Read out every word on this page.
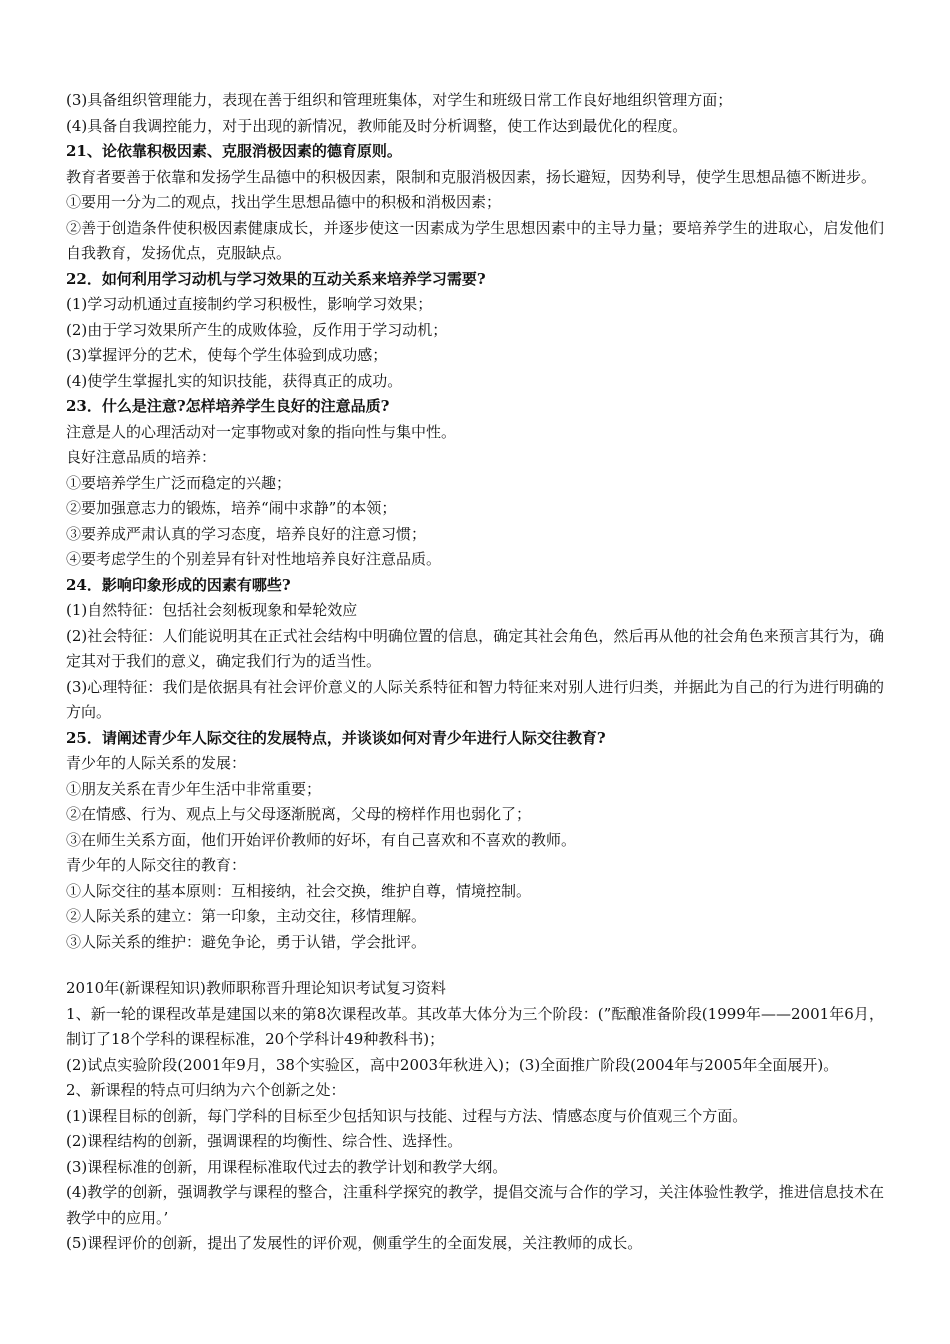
(3)具备组织管理能力，表现在善于组织和管理班集体，对学生和班级日常工作良好地组织管理方面；
(4)具备自我调控能力，对于出现的新情况，教师能及时分析调整，使工作达到最优化的程度。
21、论依靠积极因素、克服消极因素的德育原则。
教育者要善于依靠和发扬学生品德中的积极因素，限制和克服消极因素，扬长避短，因势利导，使学生思想品德不断进步。
①要用一分为二的观点，找出学生思想品德中的积极和消极因素；
②善于创造条件使积极因素健康成长，并逐步使这一因素成为学生思想因素中的主导力量；要培养学生的进取心，启发他们自我教育，发扬优点，克服缺点。
22．如何利用学习动机与学习效果的互动关系来培养学习需要?
(1)学习动机通过直接制约学习积极性，影响学习效果；
(2)由于学习效果所产生的成败体验，反作用于学习动机；
(3)掌握评分的艺术，使每个学生体验到成功感；
(4)使学生掌握扎实的知识技能，获得真正的成功。
23．什么是注意?怎样培养学生良好的注意品质?
注意是人的心理活动对一定事物或对象的指向性与集中性。
良好注意品质的培养：
①要培养学生广泛而稳定的兴趣；
②要加强意志力的锻炼，培养“闹中求静”的本领；
③要养成严肃认真的学习态度，培养良好的注意习惯；
④要考虑学生的个别差异有针对性地培养良好注意品质。
24．影响印象形成的因素有哪些?
(1)自然特征：包括社会刻板现象和晕轮效应
(2)社会特征：人们能说明其在正式社会结构中明确位置的信息，确定其社会角色，然后再从他的社会角色来预言其行为，确定其对于我们的意义，确定我们行为的适当性。
(3)心理特征：我们是依据具有社会评价意义的人际关系特征和智力特征来对别人进行归类，并据此为自己的行为进行明确的方向。
25．请阐述青少年人际交往的发展特点，并谈谈如何对青少年进行人际交往教育?
青少年的人际关系的发展：
①朋友关系在青少年生活中非常重要；
②在情感、行为、观点上与父母逐渐脱离，父母的榜样作用也弱化了；
③在师生关系方面，他们开始评价教师的好坏，有自己喜欢和不喜欢的教师。
青少年的人际交往的教育：
①人际交往的基本原则：互相接纳，社会交换，维护自尊，情境控制。
②人际关系的建立：第一印象，主动交往，移情理解。
③人际关系的维护：避免争论，勇于认错，学会批评。
2010年(新课程知识)教师职称晋升理论知识考试复习资料
1、新一轮的课程改革是建国以来的第8次课程改革。其改革大体分为三个阶段：(”酝酿准备阶段(1999年——2001年6月，制订了18个学科的课程标准，20个学科计49种教科书)；
(2)试点实验阶段(2001年9月，38个实验区，高中2003年秋进入)；(3)全面推广阶段(2004年与2005年全面展开)。
2、新课程的特点可归纳为六个创新之处：
(1)课程目标的创新，每门学科的目标至少包括知识与技能、过程与方法、情感态度与价值观三个方面。
(2)课程结构的创新，强调课程的均衡性、综合性、选择性。
(3)课程标准的创新，用课程标准取代过去的教学计划和教学大纲。
(4)教学的创新，强调教学与课程的整合，注重科学探究的教学，提倡交流与合作的学习，关注体验性教学，推进信息技术在教学中的应用。’
(5)课程评价的创新，提出了发展性的评价观，侧重学生的全面发展，关注教师的成长。
